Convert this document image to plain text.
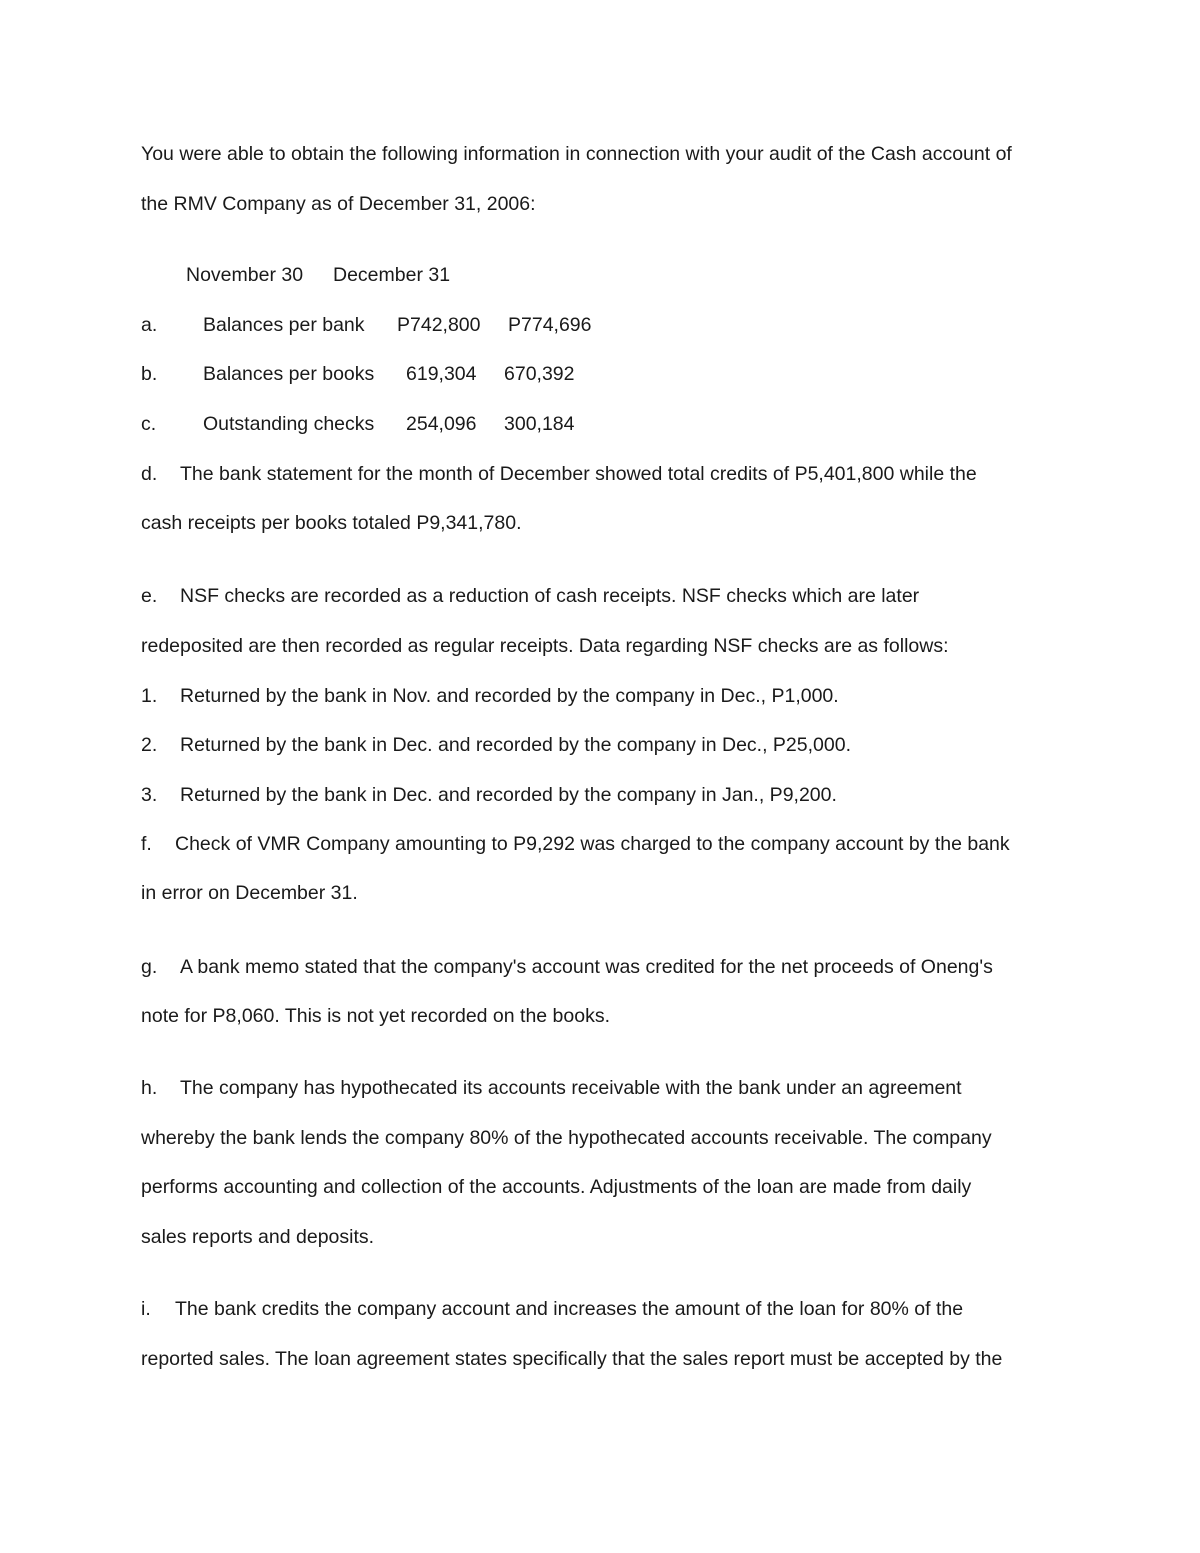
You were able to obtain the following information in connection with your audit of the Cash account of
the RMV Company as of December 31, 2006:
November 30 December 31
a. Balances per bank P742,800 P774,696
b. Balances per books 619,304 670,392
c. Outstanding checks 254,096 300,184
d. The bank statement for the month of December showed total credits of P5,401,800 while the
cash receipts per books totaled P9,341,780.
e. NSF checks are recorded as a reduction of cash receipts. NSF checks which are later
redeposited are then recorded as regular receipts. Data regarding NSF checks are as follows:
1. Returned by the bank in Nov. and recorded by the company in Dec., P1,000.
2. Returned by the bank in Dec. and recorded by the company in Dec., P25,000.
3. Returned by the bank in Dec. and recorded by the company in Jan., P9,200.
f. Check of VMR Company amounting to P9,292 was charged to the company account by the bank
in error on December 31.
g. A bank memo stated that the company's account was credited for the net proceeds of Oneng's
note for P8,060. This is not yet recorded on the books.
h. The company has hypothecated its accounts receivable with the bank under an agreement
whereby the bank lends the company 80% of the hypothecated accounts receivable. The company
performs accounting and collection of the accounts. Adjustments of the loan are made from daily
sales reports and deposits.
i. The bank credits the company account and increases the amount of the loan for 80% of the
reported sales. The loan agreement states specifically that the sales report must be accepted by the
